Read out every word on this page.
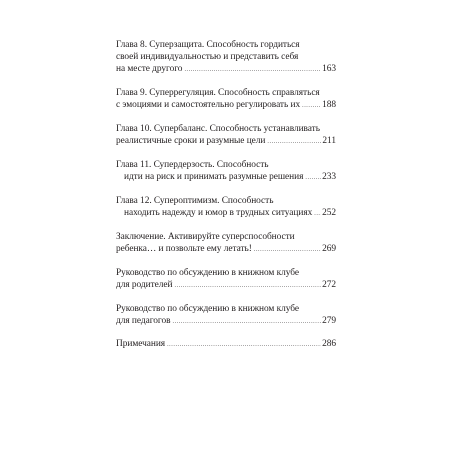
Глава 8. Суперзащита. Способность гордиться
своей индивидуальностью и представить себя
на месте другого .....	163
Глава 9. Суперрегуляция. Способность справляться
с эмоциями и самостоятельно регулировать их ..... 188
Глава 10. Супербаланс. Способность устанавливать
реалистичные сроки и разумные цели .....	211
Глава 11. Супердерзость. Способность
идти на риск и принимать разумные решения ..... 233
Глава 12. Супероптимизм. Способность
находить надежду и юмор в трудных ситуациях ..... 252
Заключение. Активируйте суперспособности
ребенка… и позвольте ему летать! .....	269
Руководство по обсуждению в книжном клубе
для родителей .....	272
Руководство по обсуждению в книжном клубе
для педагогов .....	279
Примечания .....	286
